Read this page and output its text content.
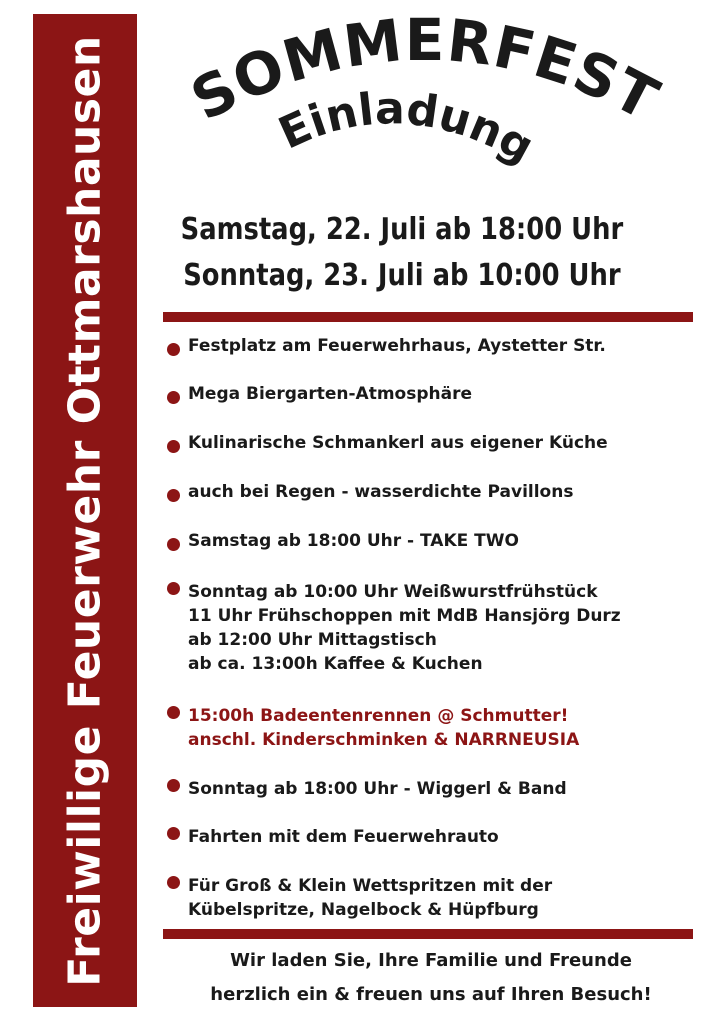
Freiwillige Feuerwehr Ottmarshausen SOMMERFEST
Einladung
Samstag, 22. Juli ab 18:00 Uhr
Sonntag, 23. Juli ab 10:00 Uhr
Festplatz am Feuerwehrhaus, Aystetter Str.
Mega Biergarten-Atmosphäre
Kulinarische Schmankerl aus eigener Küche
auch bei Regen - wasserdichte Pavillons
Samstag ab 18:00 Uhr - TAKE TWO
Sonntag ab 10:00 Uhr Weißwurstfrühstück
11 Uhr Frühschoppen mit MdB Hansjörg Durz
ab 12:00 Uhr Mittagstisch
ab ca. 13:00h Kaffee & Kuchen
15:00h Badeentenrennen @ Schmutter!
anschl. Kinderschminken & NARRNEUSIA
Sonntag ab 18:00 Uhr - Wiggerl & Band
Fahrten mit dem Feuerwehrauto
Für Groß & Klein Wettspritzen mit der
Kübelspritze, Nagelbock & Hüpfburg
Wir laden Sie, Ihre Familie und Freunde
herzlich ein & freuen uns auf Ihren Besuch!
